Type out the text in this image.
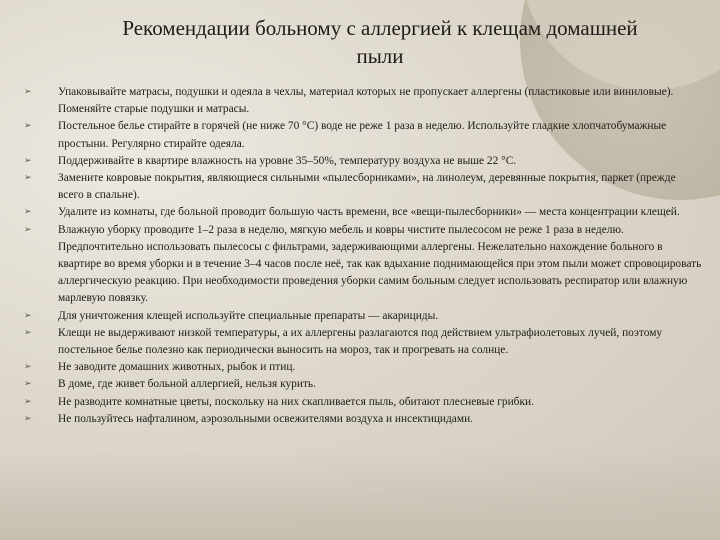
Рекомендации больному с аллергией к клещам домашней пыли
➢	Упаковывайте матрасы, подушки и одеяла в чехлы, материал которых не пропускает аллергены (пластиковые или виниловые). Поменяйте старые подушки и матрасы.
➢	Постельное белье стирайте в горячей (не ниже 70 °С) воде не реже 1 раза в неделю. Используйте гладкие хлопчатобумажные простыни. Регулярно стирайте одеяла.
➢	Поддерживайте в квартире влажность на уровне 35–50%, температуру воздуха не выше 22 °С.
➢	Замените ковровые покрытия, являющиеся сильными «пылесборниками», на линолеум, деревянные покрытия, паркет (прежде всего в спальне).
➢	Удалите из комнаты, где больной проводит большую часть времени, все «вещи-пылесборники» — места концентрации клещей.
➢	Влажную уборку проводите 1–2 раза в неделю, мягкую мебель и ковры чистите пылесосом не реже 1 раза в неделю. Предпочтительно использовать пылесосы с фильтрами, задерживающими аллергены. Нежелательно нахождение больного в квартире во время уборки и в течение 3–4 часов после неё, так как вдыхание поднимающейся при этом пыли может спровоцировать аллергическую реакцию. При необходимости проведения уборки самим больным следует использовать респиратор или влажную марлевую повязку.
➢	Для уничтожения клещей используйте специальные препараты — акарициды.
➢	Клещи не выдерживают низкой температуры, а их аллергены разлагаются под действием ультрафиолетовых лучей, поэтому постельное белье полезно как периодически выносить на мороз, так и прогревать на солнце.
➢	Не заводите домашних животных, рыбок и птиц.
➢	В доме, где живет больной аллергией, нельзя курить.
➢	Не разводите комнатные цветы, поскольку на них скапливается пыль, обитают плесневые грибки.
➢	Не пользуйтесь нафталином, аэрозольными освежителями воздуха и инсектицидами.
